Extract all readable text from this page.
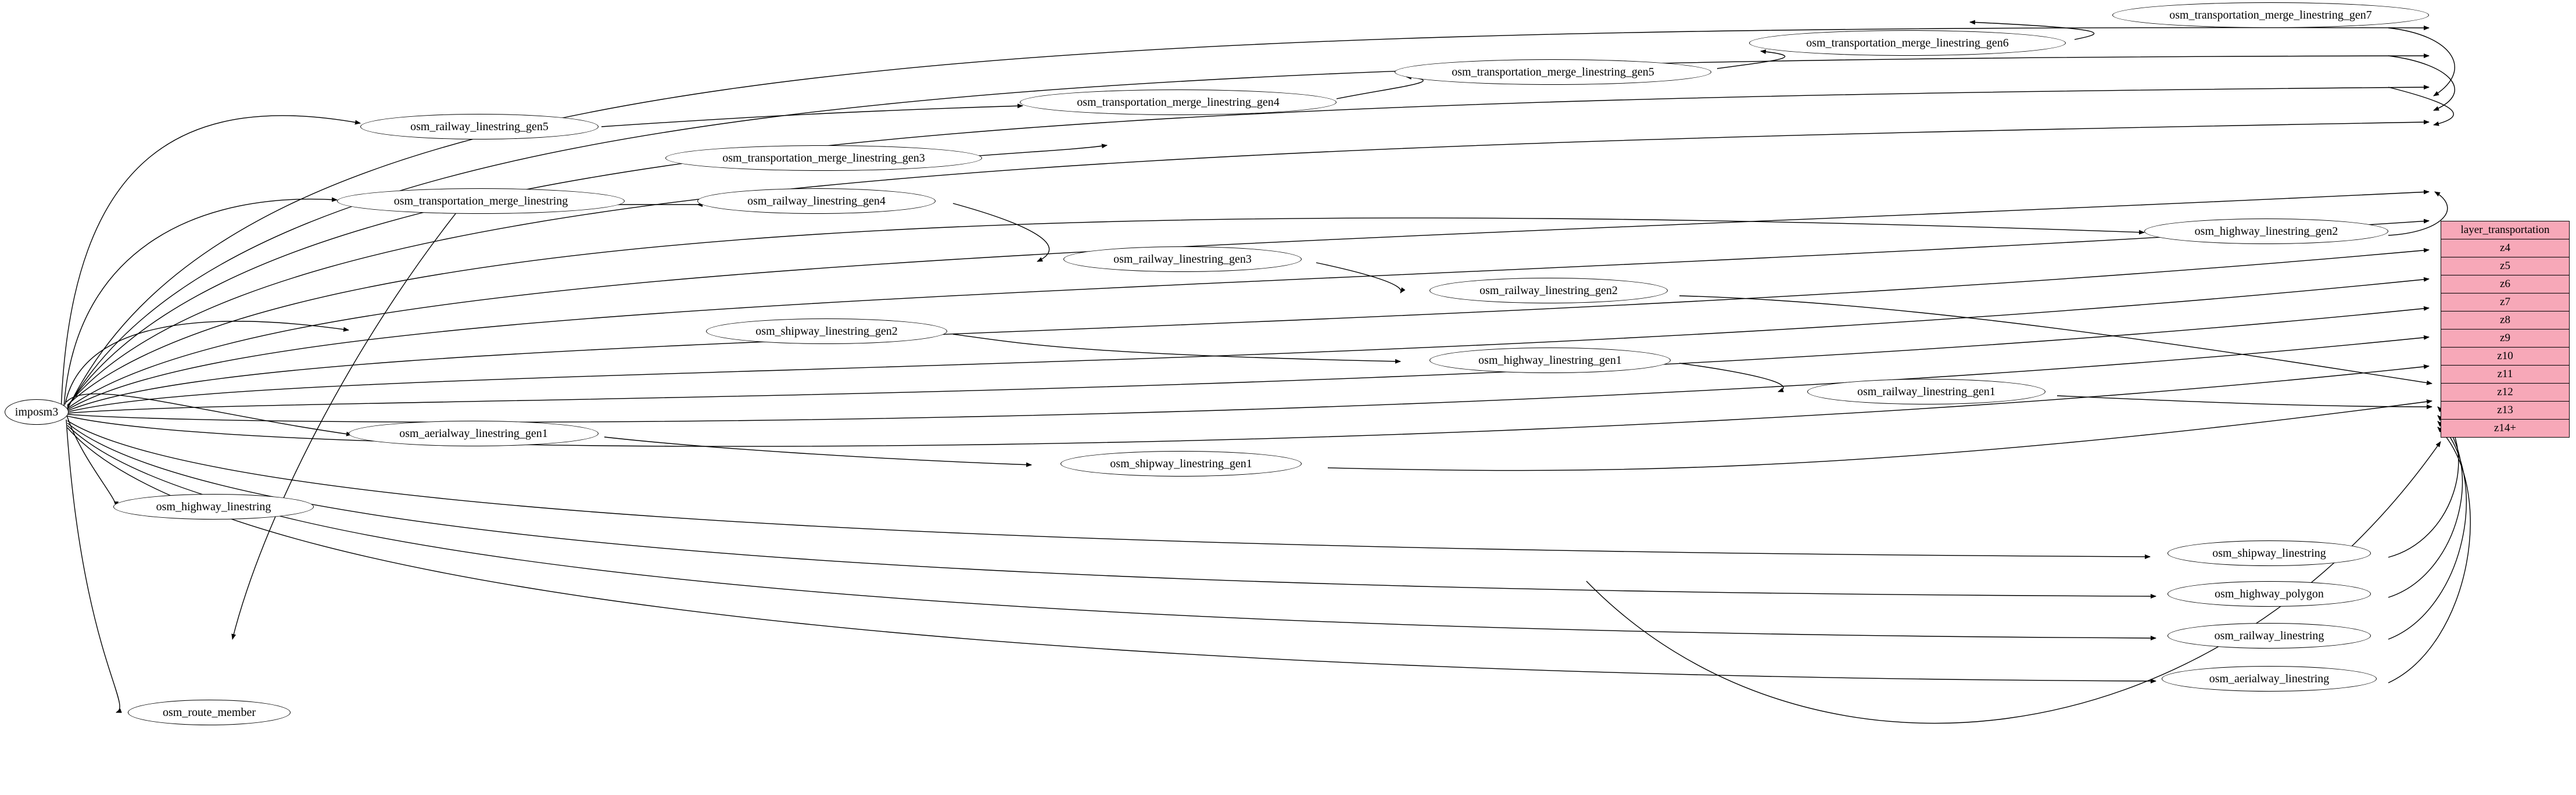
imposm3
osm_transportation_merge_linestring_gen7
osm_transportation_merge_linestring_gen6
osm_transportation_merge_linestring_gen5
osm_transportation_merge_linestring_gen4
osm_railway_linestring_gen5
osm_transportation_merge_linestring_gen3
osm_transportation_merge_linestring	osm_railway_linestring_gen4
osm_highway_linestring_gen2
osm_railway_linestring_gen3
osm_railway_linestring_gen2
osm_shipway_linestring_gen2
osm_highway_linestring_gen1
osm_railway_linestring_gen1
osm_aerialway_linestring_gen1
osm_shipway_linestring_gen1
osm_highway_linestring
osm_shipway_linestring
osm_highway_polygon
osm_railway_linestring
osm_aerialway_linestring
osm_route_member
layer_transportation
z4
z5
z6
z7
z8
z9
z10
z11
z12
z13
z14+
